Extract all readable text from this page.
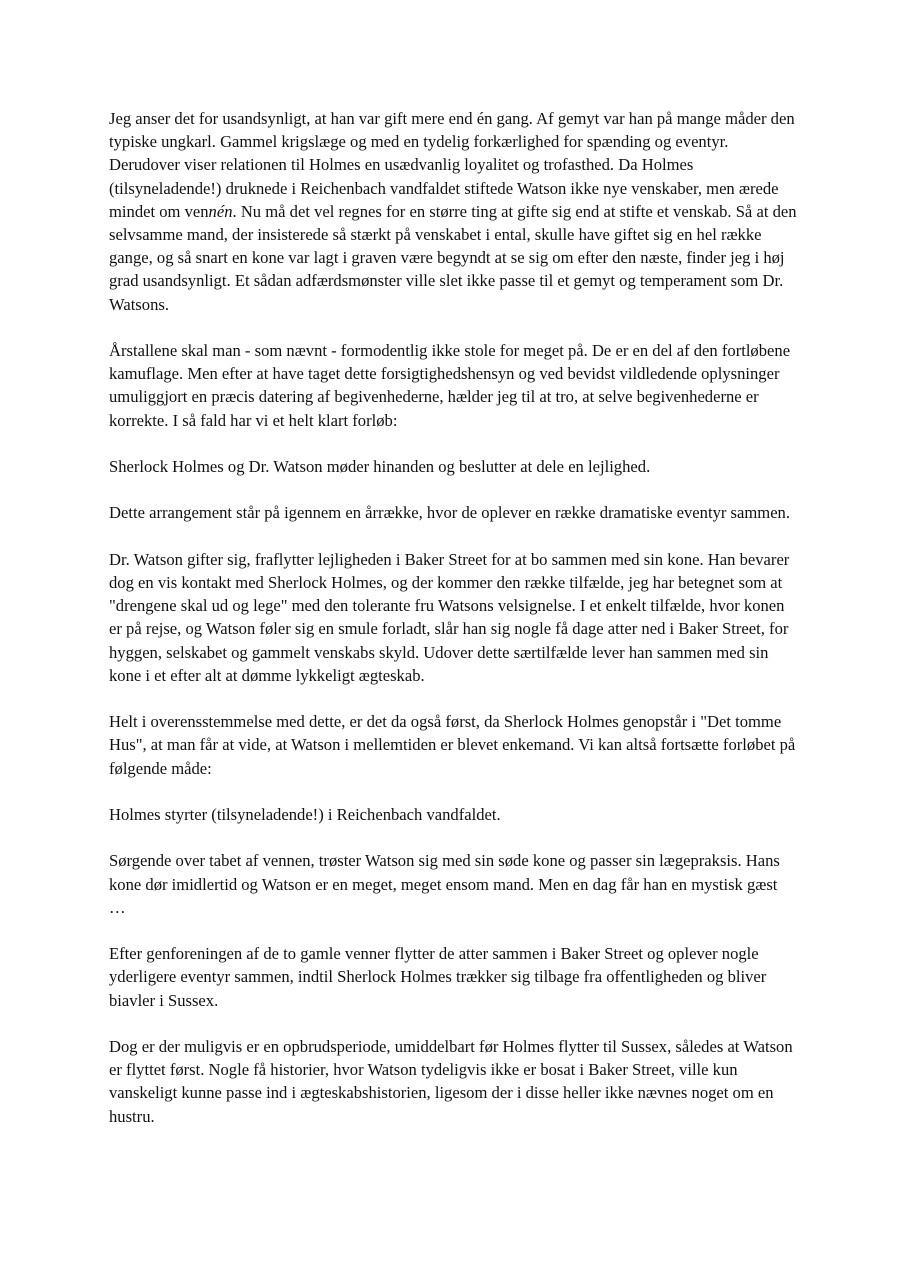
Jeg anser det for usandsynligt, at han var gift mere end én gang. Af gemyt var han på mange måder den typiske ungkarl. Gammel krigslæge og med en tydelig forkærlighed for spænding og eventyr. Derudover viser relationen til Holmes en usædvanlig loyalitet og trofasthed. Da Holmes (tilsyneladende!) druknede i Reichenbach vandfaldet stiftede Watson ikke nye venskaber, men ærede mindet om vennén. Nu må det vel regnes for en større ting at gifte sig end at stifte et venskab. Så at den selvsamme mand, der insisterede så stærkt på venskabet i ental, skulle have giftet sig en hel række gange, og så snart en kone var lagt i graven være begyndt at se sig om efter den næste, finder jeg i høj grad usandsynligt. Et sådan adfærdsmønster ville slet ikke passe til et gemyt og temperament som Dr. Watsons.

Årstallene skal man - som nævnt - formodentlig ikke stole for meget på. De er en del af den fortløbene kamuflage. Men efter at have taget dette forsigtighedshensyn og ved bevidst vildledende oplysninger umuliggjort en præcis datering af begivenhederne, hælder jeg til at tro, at selve begivenhederne er korrekte. I så fald har vi et helt klart forløb:

Sherlock Holmes og Dr. Watson møder hinanden og beslutter at dele en lejlighed.

Dette arrangement står på igennem en årrække, hvor de oplever en række dramatiske eventyr sammen.

Dr. Watson gifter sig, fraflytter lejligheden i Baker Street for at bo sammen med sin kone. Han bevarer dog en vis kontakt med Sherlock Holmes, og der kommer den række tilfælde, jeg har betegnet som at "drengene skal ud og lege" med den tolerante fru Watsons velsignelse. I et enkelt tilfælde, hvor konen er på rejse, og Watson føler sig en smule forladt, slår han sig nogle få dage atter ned i Baker Street, for hyggen, selskabet og gammelt venskabs skyld. Udover dette særtilfælde lever han sammen med sin kone i et efter alt at dømme lykkeligt ægteskab.

Helt i overensstemmelse med dette, er det da også først, da Sherlock Holmes genopstår i "Det tomme Hus", at man får at vide, at Watson i mellemtiden er blevet enkemand. Vi kan altså fortsætte forløbet på følgende måde:

Holmes styrter (tilsyneladende!) i Reichenbach vandfaldet.

Sørgende over tabet af vennen, trøster Watson sig med sin søde kone og passer sin lægepraksis. Hans kone dør imidlertid og Watson er en meget, meget ensom mand. Men en dag får han en mystisk gæst …

Efter genforeningen af de to gamle venner flytter de atter sammen i Baker Street og oplever nogle yderligere eventyr sammen, indtil Sherlock Holmes trækker sig tilbage fra offentligheden og bliver biavler i Sussex.

Dog er der muligvis er en opbrudsperiode, umiddelbart før Holmes flytter til Sussex, således at Watson er flyttet først. Nogle få historier, hvor Watson tydeligvis ikke er bosat i Baker Street, ville kun vanskeligt kunne passe ind i ægteskabshistorien, ligesom der i disse heller ikke nævnes noget om en hustru.
